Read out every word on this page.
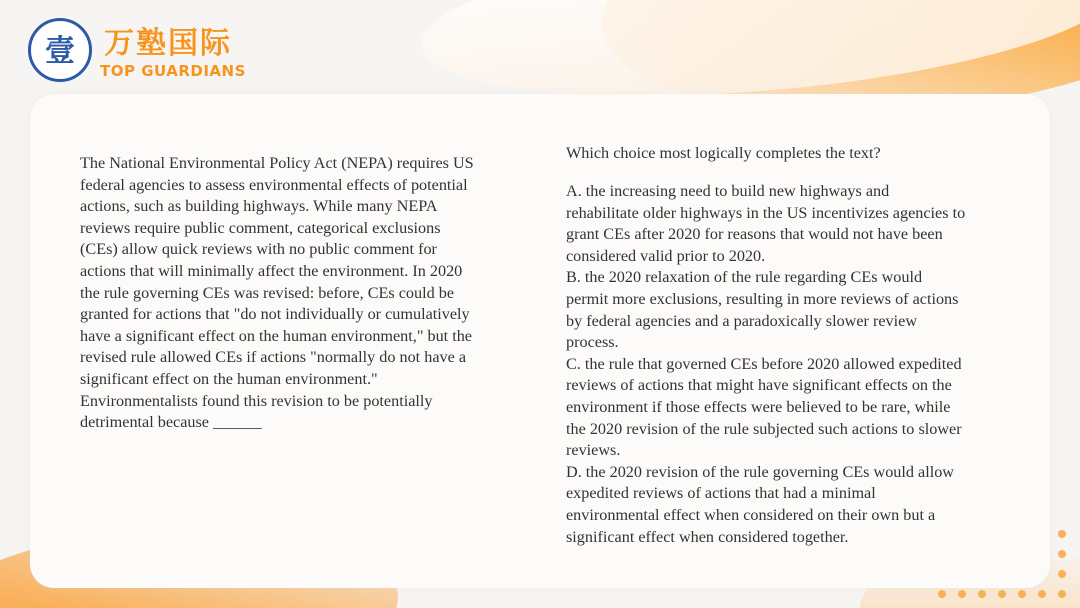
壹 万塾国际
TOP GUARDIANS
The National Environmental Policy Act (NEPA) requires US federal agencies to assess environmental effects of potential actions, such as building highways. While many NEPA reviews require public comment, categorical exclusions (CEs) allow quick reviews with no public comment for actions that will minimally affect the environment. In 2020 the rule governing CEs was revised: before, CEs could be granted for actions that "do not individually or cumulatively have a significant effect on the human environment," but the revised rule allowed CEs if actions "normally do not have a significant effect on the human environment." Environmentalists found this revision to be potentially detrimental because ______
Which choice most logically completes the text?

A. the increasing need to build new highways and rehabilitate older highways in the US incentivizes agencies to grant CEs after 2020 for reasons that would not have been considered valid prior to 2020.

B. the 2020 relaxation of the rule regarding CEs would permit more exclusions, resulting in more reviews of actions by federal agencies and a paradoxically slower review process.

C. the rule that governed CEs before 2020 allowed expedited reviews of actions that might have significant effects on the environment if those effects were believed to be rare, while the 2020 revision of the rule subjected such actions to slower reviews.

D. the 2020 revision of the rule governing CEs would allow expedited reviews of actions that had a minimal environmental effect when considered on their own but a significant effect when considered together.
